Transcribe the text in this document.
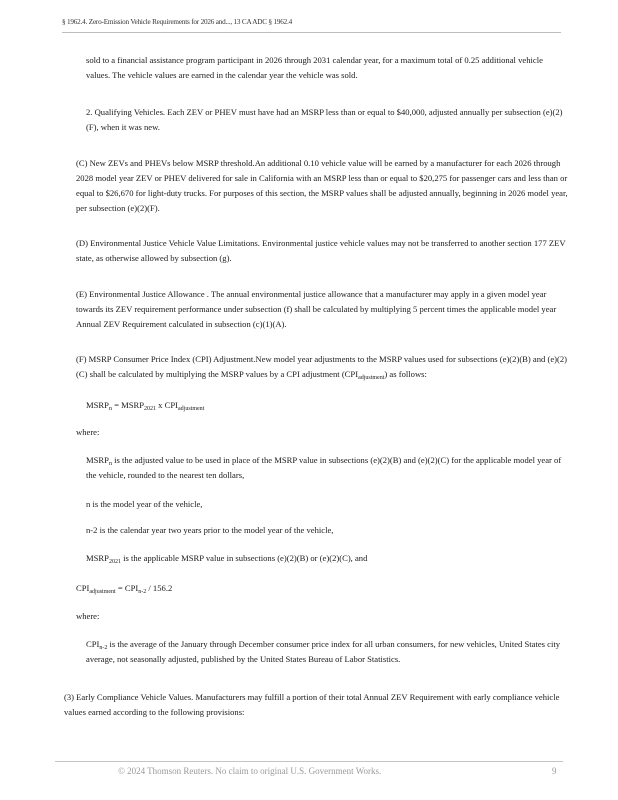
§ 1962.4. Zero-Emission Vehicle Requirements for 2026 and..., 13 CA ADC § 1962.4

sold to a financial assistance program participant in 2026 through 2031 calendar year, for a maximum total of 0.25 additional vehicle values. The vehicle values are earned in the calendar year the vehicle was sold.

2. Qualifying Vehicles. Each ZEV or PHEV must have had an MSRP less than or equal to $40,000, adjusted annually per subsection (e)(2)(F), when it was new.

(C) New ZEVs and PHEVs below MSRP threshold.An additional 0.10 vehicle value will be earned by a manufacturer for each 2026 through 2028 model year ZEV or PHEV delivered for sale in California with an MSRP less than or equal to $20,275 for passenger cars and less than or equal to $26,670 for light-duty trucks. For purposes of this section, the MSRP values shall be adjusted annually, beginning in 2026 model year, per subsection (e)(2)(F).

(D) Environmental Justice Vehicle Value Limitations. Environmental justice vehicle values may not be transferred to another section 177 ZEV state, as otherwise allowed by subsection (g).

(E) Environmental Justice Allowance . The annual environmental justice allowance that a manufacturer may apply in a given model year towards its ZEV requirement performance under subsection (f) shall be calculated by multiplying 5 percent times the applicable model year Annual ZEV Requirement calculated in subsection (c)(1)(A).

(F) MSRP Consumer Price Index (CPI) Adjustment.New model year adjustments to the MSRP values used for subsections (e)(2)(B) and (e)(2)(C) shall be calculated by multiplying the MSRP values by a CPI adjustment $(CPI_{adjustment})$ as follows:

$MSRP_n$ = $MSRP_{2021}$ x $CPI_{adjustment}$

where:

$MSRP_n$ is the adjusted value to be used in place of the MSRP value in subsections (e)(2)(B) and (e)(2)(C) for the applicable model year of the vehicle, rounded to the nearest ten dollars,

n is the model year of the vehicle,

n-2 is the calendar year two years prior to the model year of the vehicle,

$MSRP_{2021}$ is the applicable MSRP value in subsections (e)(2)(B) or (e)(2)(C), and

$CPI_{adjustment} = CPI_{n-2} / 156.2$

where:

$CPI_{n-2}$ is the average of the January through December consumer price index for all urban consumers, for new vehicles, United States city average, not seasonally adjusted, published by the United States Bureau of Labor Statistics.

(3) Early Compliance Vehicle Values. Manufacturers may fulfill a portion of their total Annual ZEV Requirement with early compliance vehicle values earned according to the following provisions:

© 2024 Thomson Reuters. No claim to original U.S. Government Works.	9
